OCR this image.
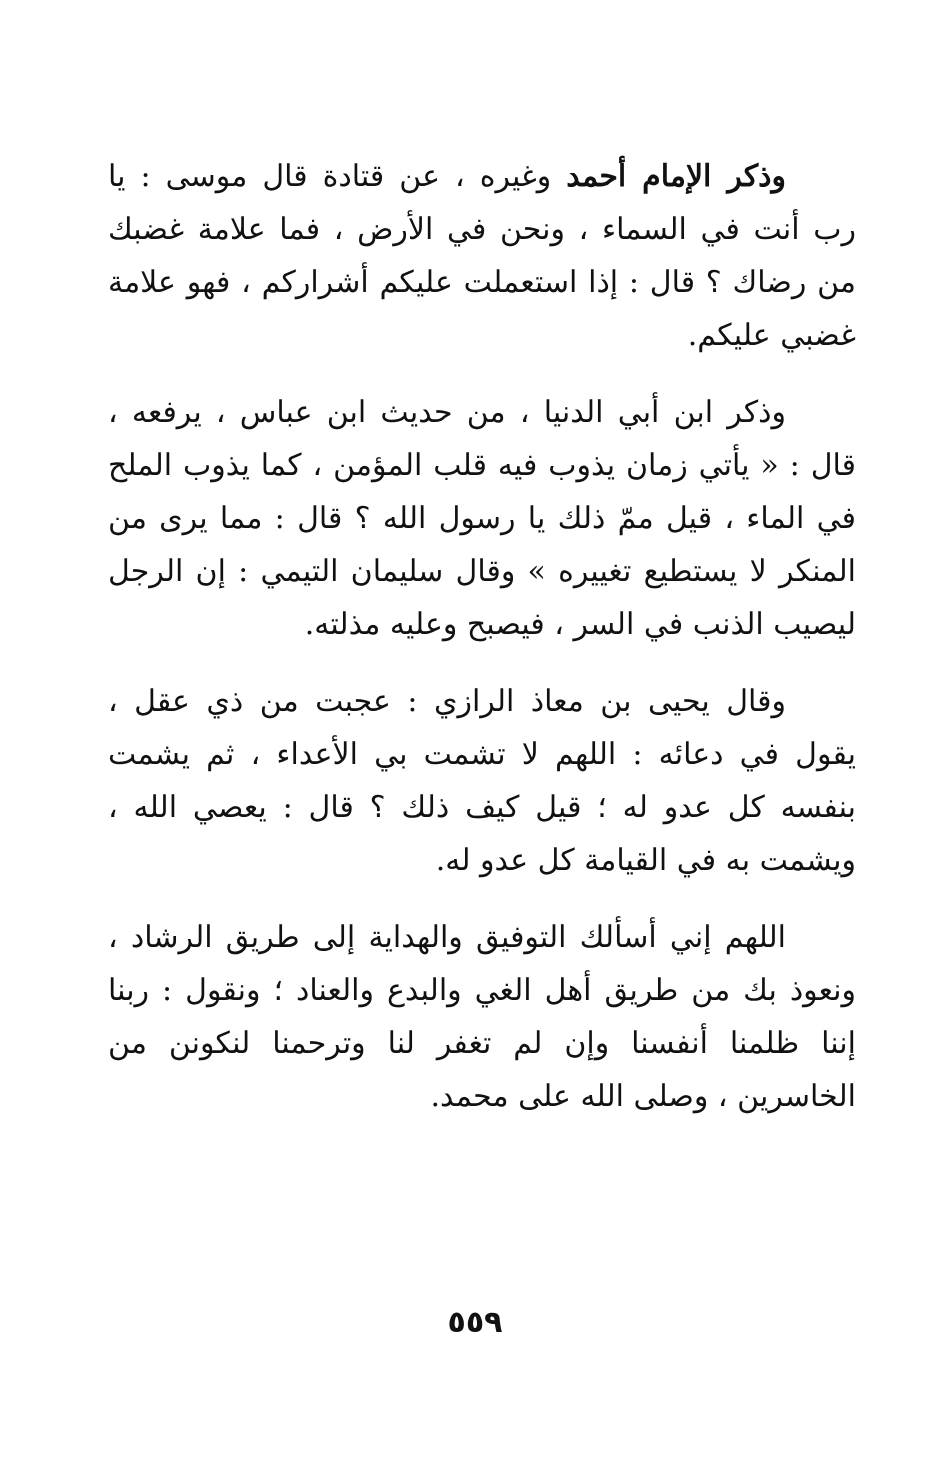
وذكر الإمام أحمد وغيره ، عن قتادة قال موسى : يا
رب أنت في السماء ، ونحن في الأرض ، فما علامة غضبك
من رضاك ؟ قال : إذا استعملت عليكم أشراركم ، فهو علامة
غضبي عليكم.
وذكر ابن أبي الدنيا ، من حديث ابن عباس ، يرفعه ،
قال : « يأتي زمان يذوب فيه قلب المؤمن ، كما يذوب الملح
في الماء ، قيل ممّ ذلك يا رسول الله ؟ قال : مما يرى من
المنكر لا يستطيع تغييره » وقال سليمان التيمي : إن الرجل
ليصيب الذنب في السر ، فيصبح وعليه مذلته.
وقال يحيى بن معاذ الرازي : عجبت من ذي عقل ،
يقول في دعائه : اللهم لا تشمت بي الأعداء ، ثم يشمت
بنفسه كل عدو له ؛ قيل كيف ذلك ؟ قال : يعصي الله ،
ويشمت به في القيامة كل عدو له.
اللهم إني أسألك التوفيق والهداية إلى طريق الرشاد ،
ونعوذ بك من طريق أهل الغي والبدع والعناد ؛ ونقول : ربنا
إننا ظلمنا أنفسنا وإن لم تغفر لنا وترحمنا لنكونن من
الخاسرين ، وصلى الله على محمد.
٥٥٩
